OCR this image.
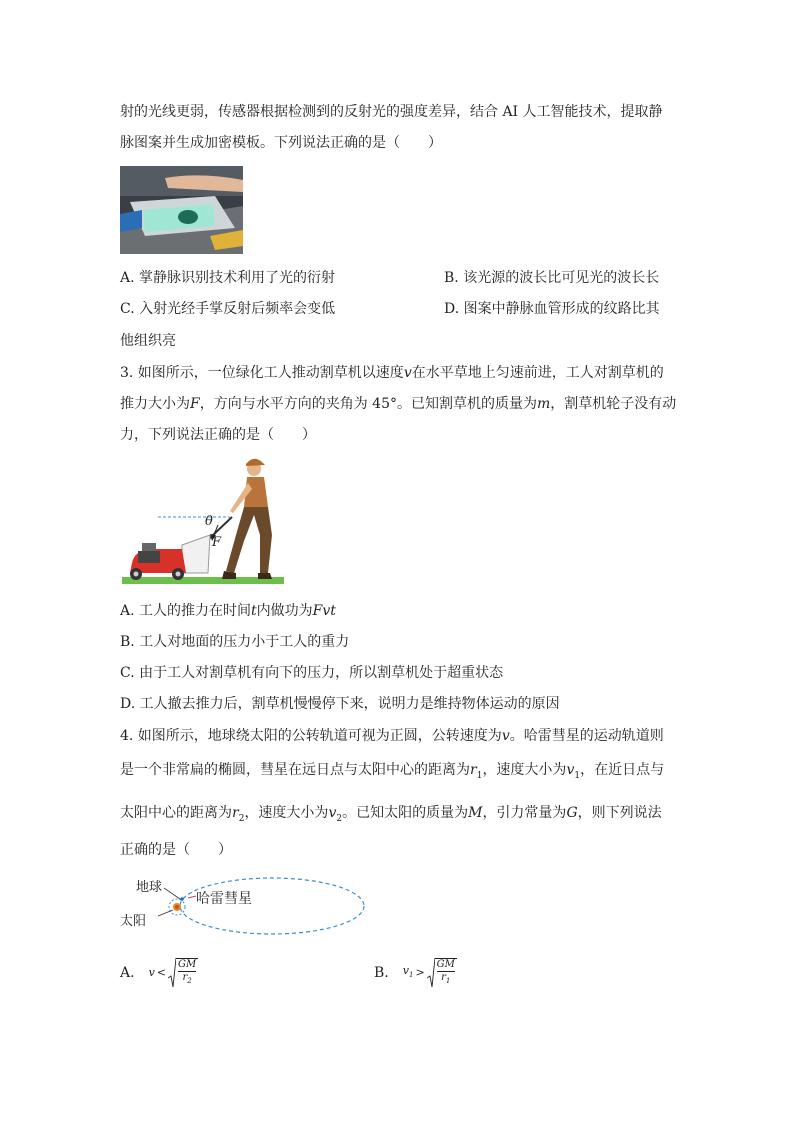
射的光线更弱，传感器根据检测到的反射光的强度差异，结合 AI 人工智能技术，提取静
脉图案并生成加密模板。下列说法正确的是（　　）
A. 掌静脉识别技术利用了光的衍射	B. 该光源的波长比可见光的波长长
C. 入射光经手掌反射后频率会变低	D. 图案中静脉血管形成的纹路比其
他组织亮
3. 如图所示，一位绿化工人推动割草机以速度v在水平草地上匀速前进，工人对割草机的
推力大小为F，方向与水平方向的夹角为 45°。已知割草机的质量为m，割草机轮子没有动
力，下列说法正确的是（　　）
θ
F
A. 工人的推力在时间t内做功为Fvt
B. 工人对地面的压力小于工人的重力
C. 由于工人对割草机有向下的压力，所以割草机处于超重状态
D. 工人撤去推力后，割草机慢慢停下来，说明力是维持物体运动的原因
4. 如图所示，地球绕太阳的公转轨道可视为正圆，公转速度为v。哈雷彗星的运动轨道则
是一个非常扁的椭圆，彗星在远日点与太阳中心的距离为$r_1$，速度大小为$v_1$，在近日点与
太阳中心的距离为$r_2$，速度大小为$v_2$。已知太阳的质量为M，引力常量为G，则下列说法
正确的是（　　）
地球
太阳
哈雷彗星
A. v <
GM
$r_2$	B. $v_1$ >
GM
$r_1$
